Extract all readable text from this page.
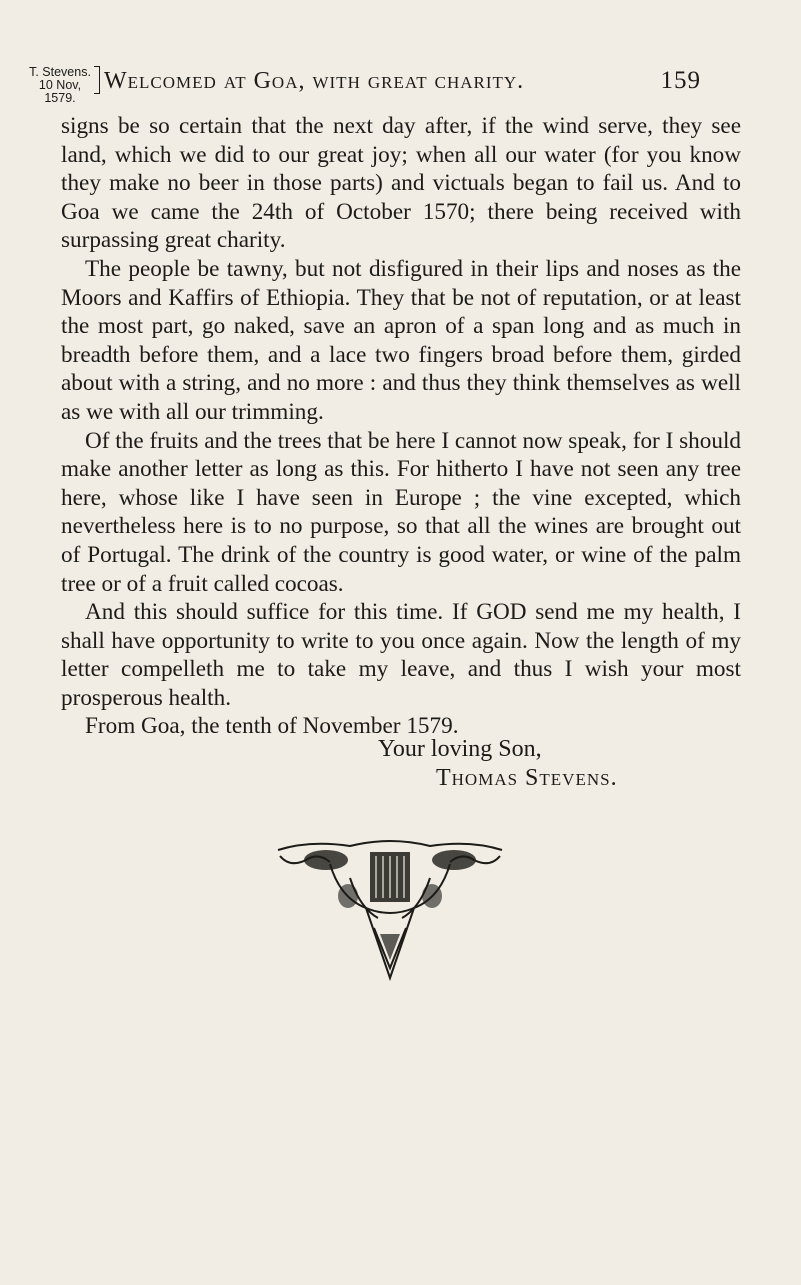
T. Stevens.
10 Nov, 1579.
Welcomed at Goa, with great charity.	159

signs be so certain that the next day after, if the wind serve, they see land, which we did to our great joy; when all our water (for you know they make no beer in those parts) and victuals began to fail us. And to Goa we came the 24th of October 1570; there being received with surpassing great charity.

The people be tawny, but not disfigured in their lips and noses as the Moors and Kaffirs of Ethiopia. They that be not of reputation, or at least the most part, go naked, save an apron of a span long and as much in breadth before them, and a lace two fingers broad before them, girded about with a string, and no more : and thus they think themselves as well as we with all our trimming.

Of the fruits and the trees that be here I cannot now speak, for I should make another letter as long as this. For hitherto I have not seen any tree here, whose like I have seen in Europe ; the vine excepted, which nevertheless here is to no purpose, so that all the wines are brought out of Portugal. The drink of the country is good water, or wine of the palm tree or of a fruit called cocoas.

And this should suffice for this time. If GOD send me my health, I shall have opportunity to write to you once again. Now the length of my letter compelleth me to take my leave, and thus I wish your most prosperous health.

From Goa, the tenth of November 1579.

Your loving Son,
Thomas Stevens.
